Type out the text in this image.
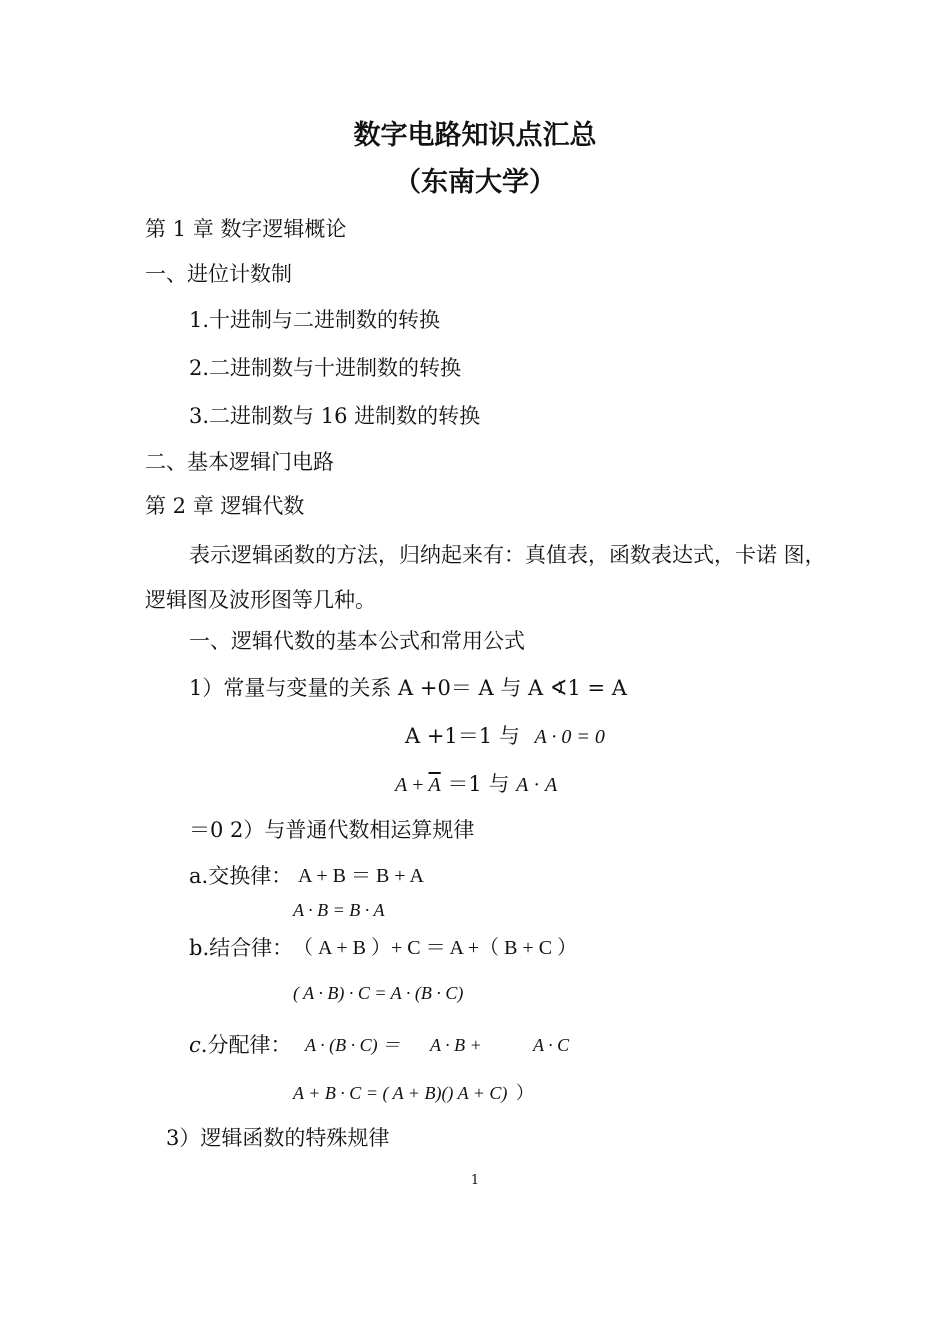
数字电路知识点汇总
（东南大学）
第 1 章 数字逻辑概论
一、进位计数制
1.十进制与二进制数的转换
2.二进制数与十进制数的转换
3.二进制数与 16 进制数的转换
二、基本逻辑门电路
第 2 章 逻辑代数
表示逻辑函数的方法，归纳起来有：真值表，函数表达式，卡诺 图，
逻辑图及波形图等几种。
一、逻辑代数的基本公式和常用公式
1）常量与变量的关系 A +0＝ A 与 A ∢1 = A
A +1＝1 与 A · 0 = 0
$A + \overline{A} =1$ 与 A · A
＝0 2）与普通代数相运算规律
a.交换律： A + B ＝ B + A
A · B = B · A
b.结合律： （ A + B ）+ C ＝ A +（ B + C ）
( A · B) · C = A · (B · C)
c.分配律： A · (B · C) ＝ A · B +	A · C
A + B · C = ( A + B)() A + C) ）
3）逻辑函数的特殊规律
1
